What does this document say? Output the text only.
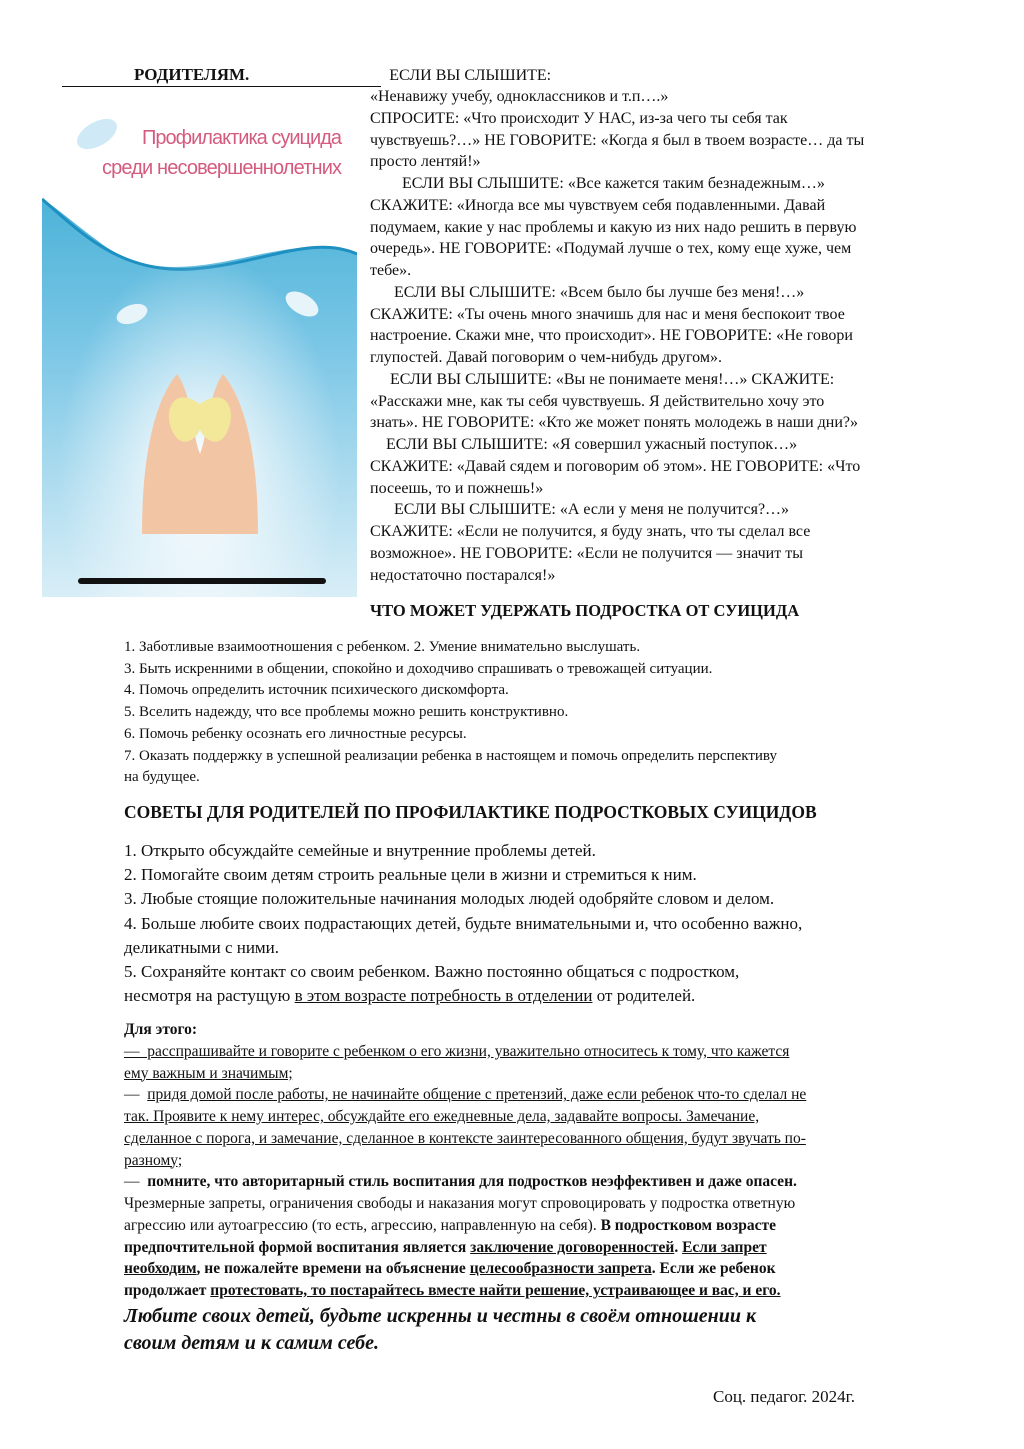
РОДИТЕЛЯМ.	ЕСЛИ ВЫ СЛЫШИТЕ:
Профилактика суицида
среди несовершеннолетних
«Ненавижу учебу, одноклассников и т.п….»
СПРОСИТЕ: «Что происходит У НАС, из-за чего ты себя так
чувствуешь?…» НЕ ГОВОРИТЕ: «Когда я был в твоем возрасте… да ты
просто лентяй!»
ЕСЛИ ВЫ СЛЫШИТЕ: «Все кажется таким безнадежным…»
СКАЖИТЕ: «Иногда все мы чувствуем себя подавленными. Давай
подумаем, какие у нас проблемы и какую из них надо решить в первую
очередь». НЕ ГОВОРИТЕ: «Подумай лучше о тех, кому еще хуже, чем
тебе».
ЕСЛИ ВЫ СЛЫШИТЕ: «Всем было бы лучше без меня!…»
СКАЖИТЕ: «Ты очень много значишь для нас и меня беспокоит твое
настроение. Скажи мне, что происходит». НЕ ГОВОРИТЕ: «Не говори
глупостей. Давай поговорим о чем-нибудь другом».
ЕСЛИ ВЫ СЛЫШИТЕ: «Вы не понимаете меня!…» СКАЖИТЕ:
«Расскажи мне, как ты себя чувствуешь. Я действительно хочу это
знать». НЕ ГОВОРИТЕ: «Кто же может понять молодежь в наши дни?»
ЕСЛИ ВЫ СЛЫШИТЕ: «Я совершил ужасный поступок…»
СКАЖИТЕ: «Давай сядем и поговорим об этом». НЕ ГОВОРИТЕ: «Что
посеешь, то и пожнешь!»
ЕСЛИ ВЫ СЛЫШИТЕ: «А если у меня не получится?…»
СКАЖИТЕ: «Если не получится, я буду знать, что ты сделал все
возможное». НЕ ГОВОРИТЕ: «Если не получится — значит ты
недостаточно постарался!»
ЧТО МОЖЕТ УДЕРЖАТЬ ПОДРОСТКА ОТ СУИЦИДА
1. Заботливые взаимоотношения с ребенком. 2. Умение внимательно выслушать.
3. Быть искренними в общении, спокойно и доходчиво спрашивать о тревожащей ситуации.
4. Помочь определить источник психического дискомфорта.
5. Вселить надежду, что все проблемы можно решить конструктивно.
6. Помочь ребенку осознать его личностные ресурсы.
7. Оказать поддержку в успешной реализации ребенка в настоящем и помочь определить перспективу
на будущее.
СОВЕТЫ ДЛЯ РОДИТЕЛЕЙ ПО ПРОФИЛАКТИКЕ ПОДРОСТКОВЫХ СУИЦИДОВ
1. Открыто обсуждайте семейные и внутренние проблемы детей.
2. Помогайте своим детям строить реальные цели в жизни и стремиться к ним.
3. Любые стоящие положительные начинания молодых людей одобряйте словом и делом.
4. Больше любите своих подрастающих детей, будьте внимательными и, что особенно важно,
деликатными с ними.
5. Сохраняйте контакт со своим ребенком. Важно постоянно общаться с подростком,
несмотря на растущую в этом возрасте потребность в отделении от родителей.
Для этого:
—  расспрашивайте и говорите с ребенком о его жизни, уважительно относитесь к тому, что кажется
ему важным и значимым;
—  придя домой после работы, не начинайте общение с претензий, даже если ребенок что-то сделал не
так. Проявите к нему интерес, обсуждайте его ежедневные дела, задавайте вопросы. Замечание,
сделанное с порога, и замечание, сделанное в контексте заинтересованного общения, будут звучать по-
разному;
—  помните, что авторитарный стиль воспитания для подростков неэффективен и даже опасен.
Чрезмерные запреты, ограничения свободы и наказания могут спровоцировать у подростка ответную
агрессию или аутоагрессию (то есть, агрессию, направленную на себя). В подростковом возрасте
предпочтительной формой воспитания является заключение договоренностей. Если запрет
необходим, не пожалейте времени на объяснение целесообразности запрета. Если же ребенок
продолжает протестовать, то постарайтесь вместе найти решение, устраивающее и вас, и его.
Любите своих детей, будьте искренны и честны в своём отношении к
своим детям и к самим себе.
Соц. педагог. 2024г.
